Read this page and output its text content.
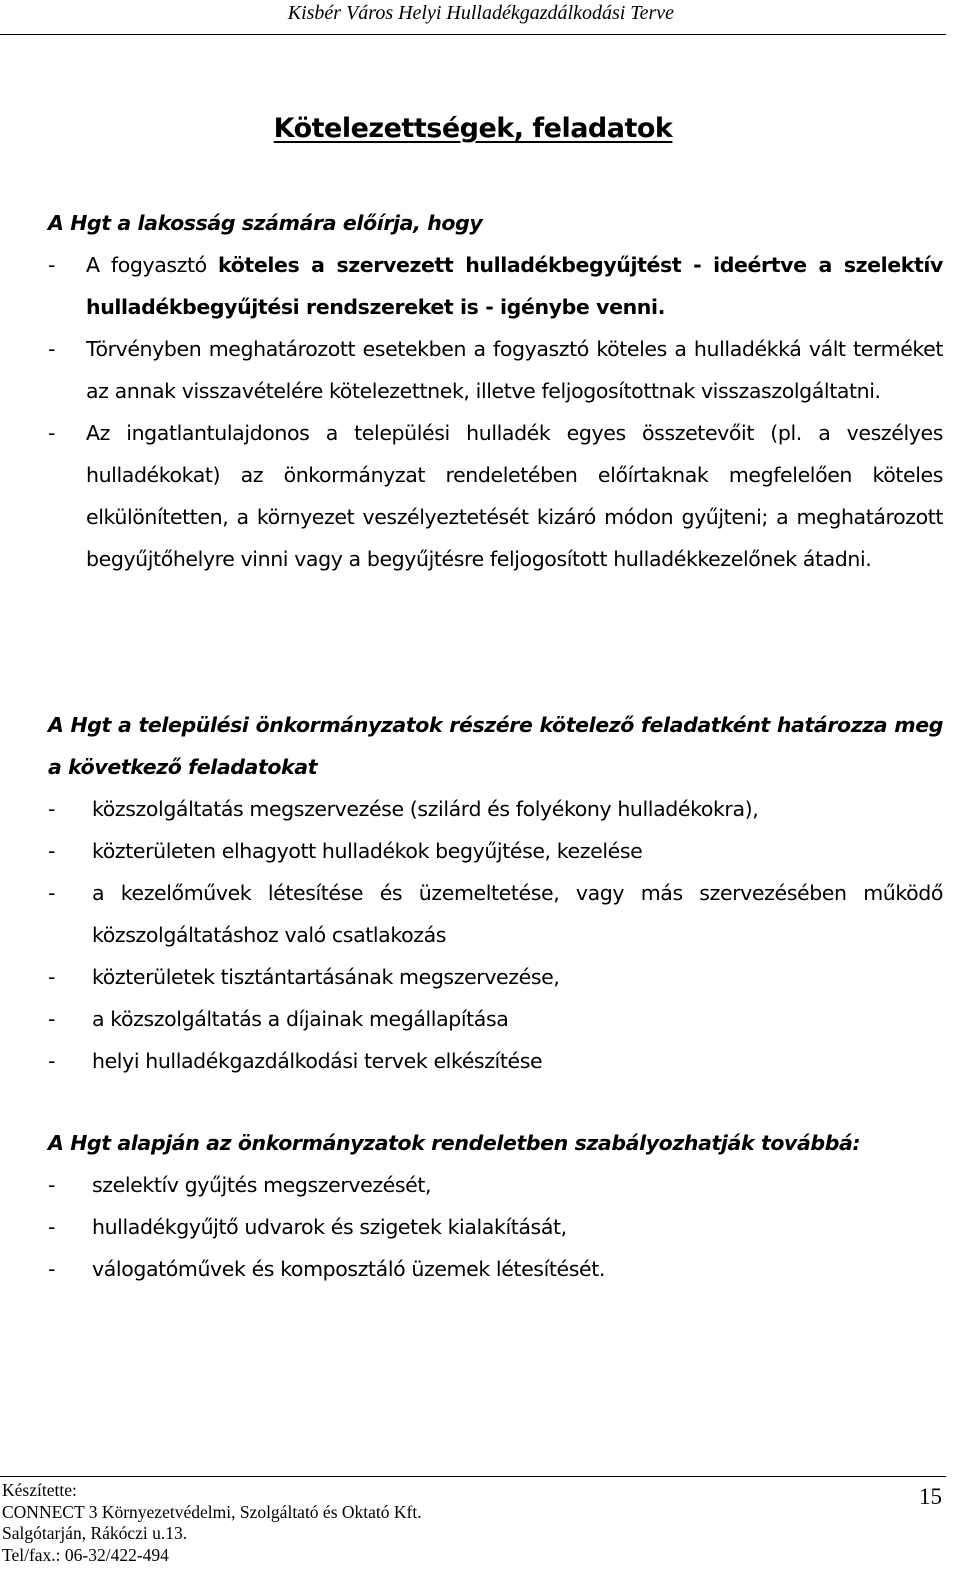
Kisbér Város Helyi Hulladékgazdálkodási Terve
Kötelezettségek, feladatok

A Hgt a lakosság számára előírja, hogy

- A fogyasztó köteles a szervezett hulladékbegyűjtést - ideértve a szelektív hulladékbegyűjtési rendszereket is - igénybe venni.
- Törvényben meghatározott esetekben a fogyasztó köteles a hulladékká vált terméket az annak visszavételére kötelezettnek, illetve feljogosítottnak visszaszolgáltatni.
- Az ingatlantulajdonos a települési hulladék egyes összetevőit (pl. a veszélyes hulladékokat) az önkormányzat rendeletében előírtaknak megfelelően köteles elkülönítetten, a környezet veszélyeztetését kizáró módon gyűjteni; a meghatározott begyűjtőhelyre vinni vagy a begyűjtésre feljogosított hulladékkezelőnek átadni.

A Hgt a települési önkormányzatok részére kötelező feladatként határozza meg a következő feladatokat

- közszolgáltatás megszervezése (szilárd és folyékony hulladékokra),
- közterületen elhagyott hulladékok begyűjtése, kezelése
- a kezelőművek létesítése és üzemeltetése, vagy más szervezésében működő közszolgáltatáshoz való csatlakozás
- közterületek tisztántartásának megszervezése,
- a közszolgáltatás a díjainak megállapítása
- helyi hulladékgazdálkodási tervek elkészítése

A Hgt alapján az önkormányzatok rendeletben szabályozhatják továbbá:

- szelektív gyűjtés megszervezését,
- hulladékgyűjtő udvarok és szigetek kialakítását,
- válogatóművek és komposztáló üzemek létesítését.
Készítette:
CONNECT 3 Környezetvédelmi, Szolgáltató és Oktató Kft.
Salgótarján, Rákóczi u.13.
Tel/fax.: 06-32/422-494
15
